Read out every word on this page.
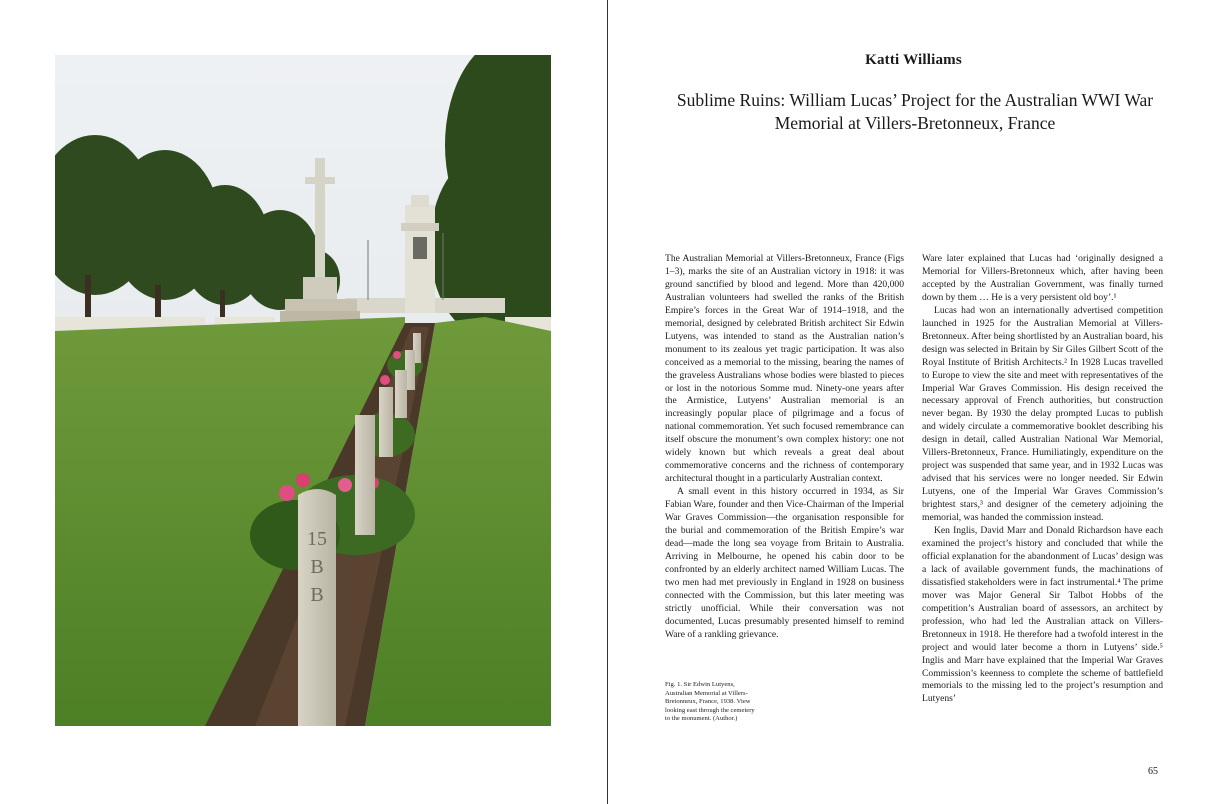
15
B
B
Katti Williams
Sublime Ruins: William Lucas’ Project for the Australian WWI War
Memorial at Villers-Bretonneux, France

The Australian Memorial at Villers-Bretonneux, France (Figs 1–3), marks the site of an Australian victory in 1918: it was ground sanctified by blood and legend. More than 420,000 Australian volunteers had swelled the ranks of the British Empire’s forces in the Great War of 1914–1918, and the memorial, designed by celebrated British architect Sir Edwin Lutyens, was intended to stand as the Australian nation’s monument to its zealous yet tragic participation. It was also conceived as a memorial to the missing, bearing the names of the graveless Australians whose bodies were blasted to pieces or lost in the notorious Somme mud. Ninety-one years after the Armistice, Lutyens’ Australian memorial is an increasingly popular place of pilgrimage and a focus of national commemoration. Yet such focused remembrance can itself obscure the monument’s own complex history: one not widely known but which reveals a great deal about commemorative concerns and the richness of contemporary architectural thought in a particularly Australian context.

A small event in this history occurred in 1934, as Sir Fabian Ware, founder and then Vice-Chairman of the Imperial War Graves Commission—the organisation responsible for the burial and commemoration of the British Empire’s war dead—made the long sea voyage from Britain to Australia. Arriving in Melbourne, he opened his cabin door to be confronted by an elderly architect named William Lucas. The two men had met previously in England in 1928 on business connected with the Commission, but this later meeting was strictly unofficial. While their conversation was not documented, Lucas presumably presented himself to remind Ware of a rankling grievance.

Ware later explained that Lucas had ‘originally designed a Memorial for Villers-Bretonneux which, after having been accepted by the Australian Government, was finally turned down by them … He is a very persistent old boy’.¹

Lucas had won an internationally advertised competition launched in 1925 for the Australian Memorial at Villers-Bretonneux. After being shortlisted by an Australian board, his design was selected in Britain by Sir Giles Gilbert Scott of the Royal Institute of British Architects.² In 1928 Lucas travelled to Europe to view the site and meet with representatives of the Imperial War Graves Commission. His design received the necessary approval of French authorities, but construction never began. By 1930 the delay prompted Lucas to publish and widely circulate a commemorative booklet describing his design in detail, called Australian National War Memorial, Villers-Bretonneux, France. Humiliatingly, expenditure on the project was suspended that same year, and in 1932 Lucas was advised that his services were no longer needed. Sir Edwin Lutyens, one of the Imperial War Graves Commission’s brightest stars,³ and designer of the cemetery adjoining the memorial, was handed the commission instead.

Ken Inglis, David Marr and Donald Richardson have each examined the project’s history and concluded that while the official explanation for the abandonment of Lucas’ design was a lack of available government funds, the machinations of dissatisfied stakeholders were in fact instrumental.⁴ The prime mover was Major General Sir Talbot Hobbs of the competition’s Australian board of assessors, an architect by profession, who had led the Australian attack on Villers-Bretonneux in 1918. He therefore had a twofold interest in the project and would later become a thorn in Lutyens’ side.⁵ Inglis and Marr have explained that the Imperial War Graves Commission’s keenness to complete the scheme of battlefield memorials to the missing led to the project’s resumption and Lutyens’

Fig. 1. Sir Edwin Lutyens,
Australian Memorial at Villers-
Bretonneux, France, 1938. View
looking east through the cemetery
to the monument. (Author.)
65
